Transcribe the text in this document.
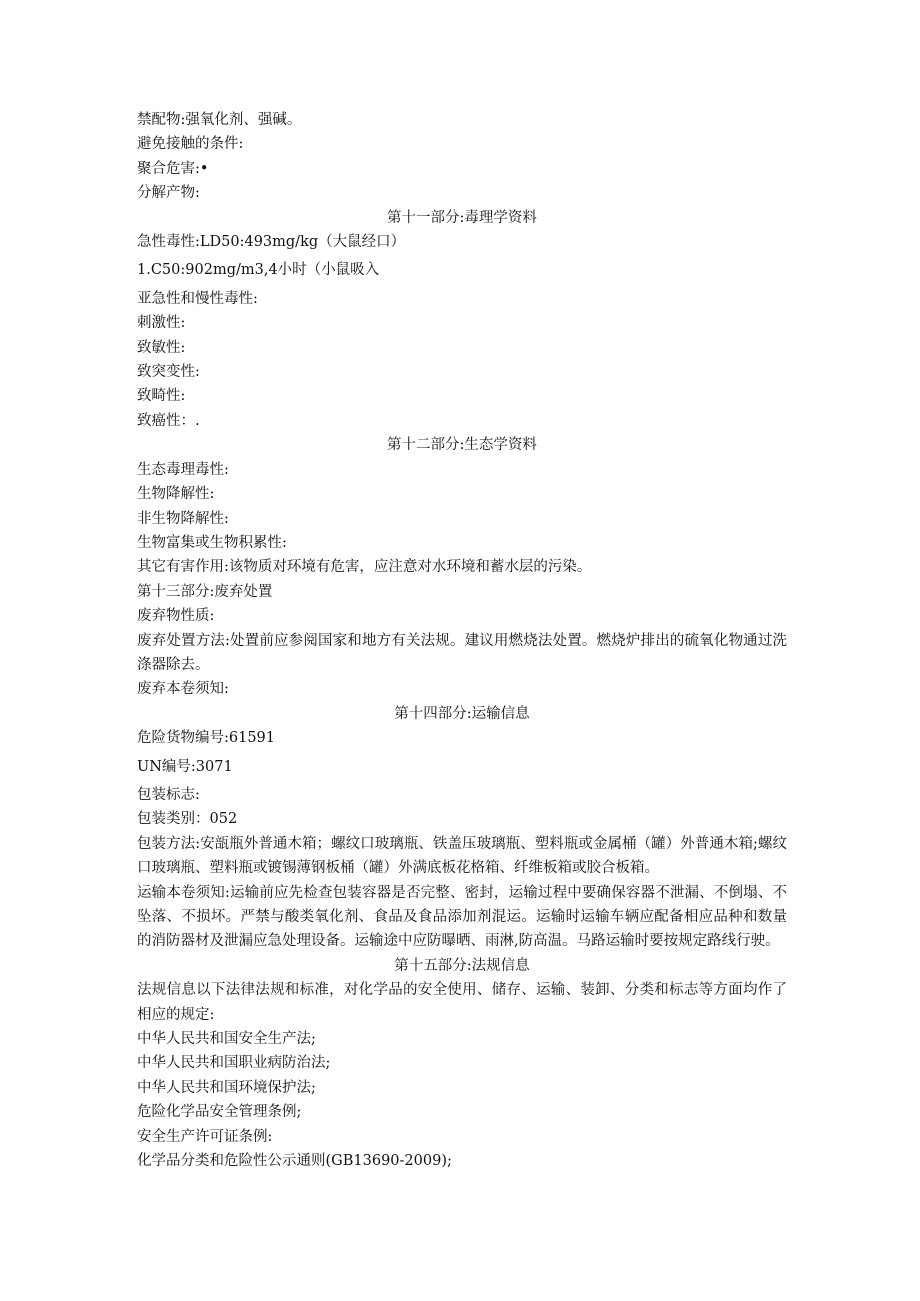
禁配物:强氧化剂、强碱。
避免接触的条件:
聚合危害:•
分解产物:
第十一部分:毒理学资料
急性毒性:LD50:493mg/kg（大鼠经口）
1.C50:902mg/m3,4小时（小鼠吸入
亚急性和慢性毒性:
刺激性:
致敏性:
致突变性:
致畸性:
致癌性：.
第十二部分:生态学资料
生态毒理毒性:
生物降解性:
非生物降解性:
生物富集或生物积累性:
其它有害作用:该物质对环境有危害，应注意对水环境和蓄水层的污染。
第十三部分:废弃处置
废弃物性质:
废弃处置方法:处置前应参阅国家和地方有关法规。建议用燃烧法处置。燃烧炉排出的硫氧化物通过洗涤器除去。
废弃本卷须知:
第十四部分:运输信息
危险货物编号:61591
UN编号:3071
包装标志:
包装类别：052
包装方法:安瓿瓶外普通木箱；螺纹口玻璃瓶、铁盖压玻璃瓶、塑料瓶或金属桶（罐）外普通木箱;螺纹口玻璃瓶、塑料瓶或镀锡薄钢板桶（罐）外满底板花格箱、纤维板箱或胶合板箱。
运输本卷须知:运输前应先检查包装容器是否完整、密封，运输过程中要确保容器不泄漏、不倒塌、不坠落、不损坏。严禁与酸类氧化剂、食品及食品添加剂混运。运输时运输车辆应配备相应品种和数量的消防器材及泄漏应急处理设备。运输途中应防曝晒、雨淋,防高温。马路运输时要按规定路线行驶。
第十五部分:法规信息
法规信息以下法律法规和标准，对化学品的安全使用、储存、运输、装卸、分类和标志等方面均作了相应的规定:
中华人民共和国安全生产法;
中华人民共和国职业病防治法;
中华人民共和国环境保护法;
危险化学品安全管理条例;
安全生产许可证条例:
化学品分类和危险性公示通则(GB13690-2009);
